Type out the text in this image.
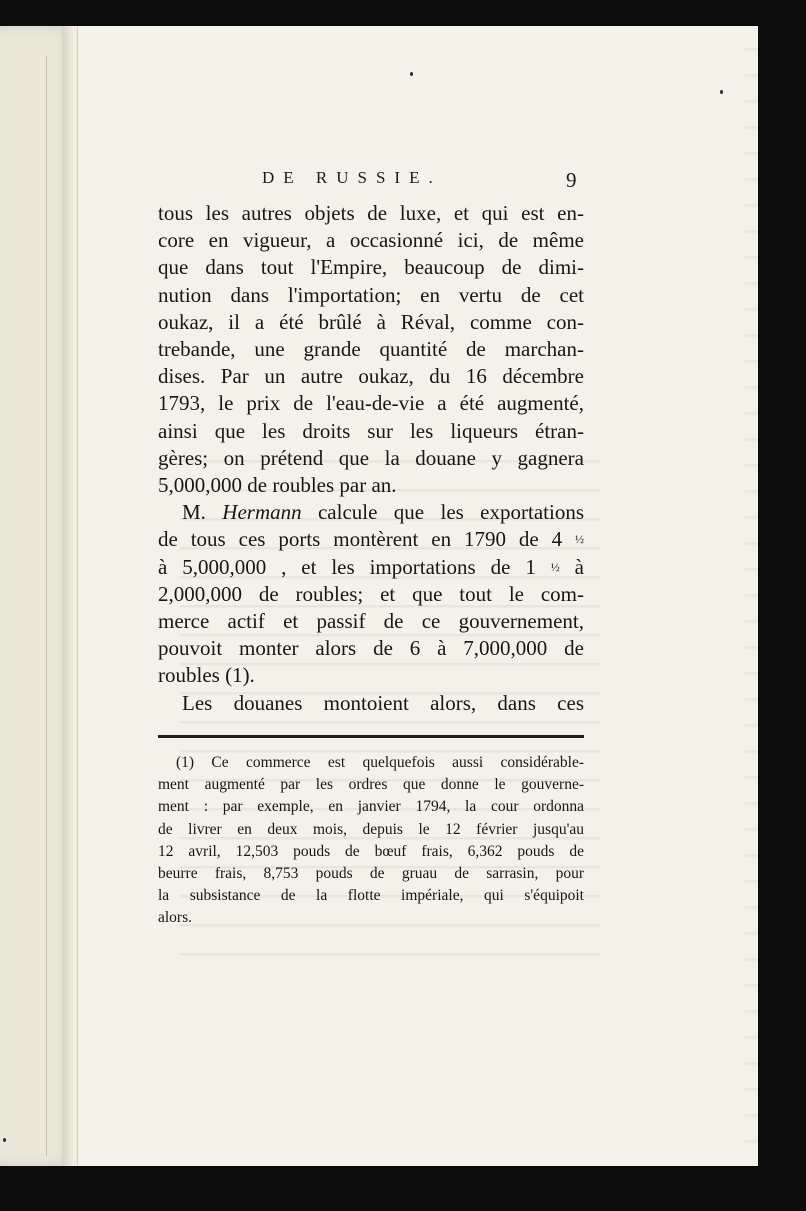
DE RUSSIE.	9
tous les autres objets de luxe, et qui est en-
core en vigueur, a occasionné ici, de même
que dans tout l'Empire, beaucoup de dimi-
nution dans l'importation; en vertu de cet
oukaz, il a été brûlé à Réval, comme con-
trebande, une grande quantité de marchan-
dises. Par un autre oukaz, du 16 décembre
1793, le prix de l'eau-de-vie a été augmenté,
ainsi que les droits sur les liqueurs étran-
gères; on prétend que la douane y gagnera
5,000,000 de roubles par an.
M. Hermann calcule que les exportations
de tous ces ports montèrent en 1790 de 4 ½
à 5,000,000 , et les importations de 1 ½ à
2,000,000 de roubles; et que tout le com-
merce actif et passif de ce gouvernement,
pouvoit monter alors de 6 à 7,000,000 de
roubles (1).
Les douanes montoient alors, dans ces
(1) Ce commerce est quelquefois aussi considérable-
ment augmenté par les ordres que donne le gouverne-
ment : par exemple, en janvier 1794, la cour ordonna
de livrer en deux mois, depuis le 12 février jusqu'au
12 avril, 12,503 pouds de bœuf frais, 6,362 pouds de
beurre frais, 8,753 pouds de gruau de sarrasin, pour
la subsistance de la flotte impériale, qui s'équipoit
alors.
